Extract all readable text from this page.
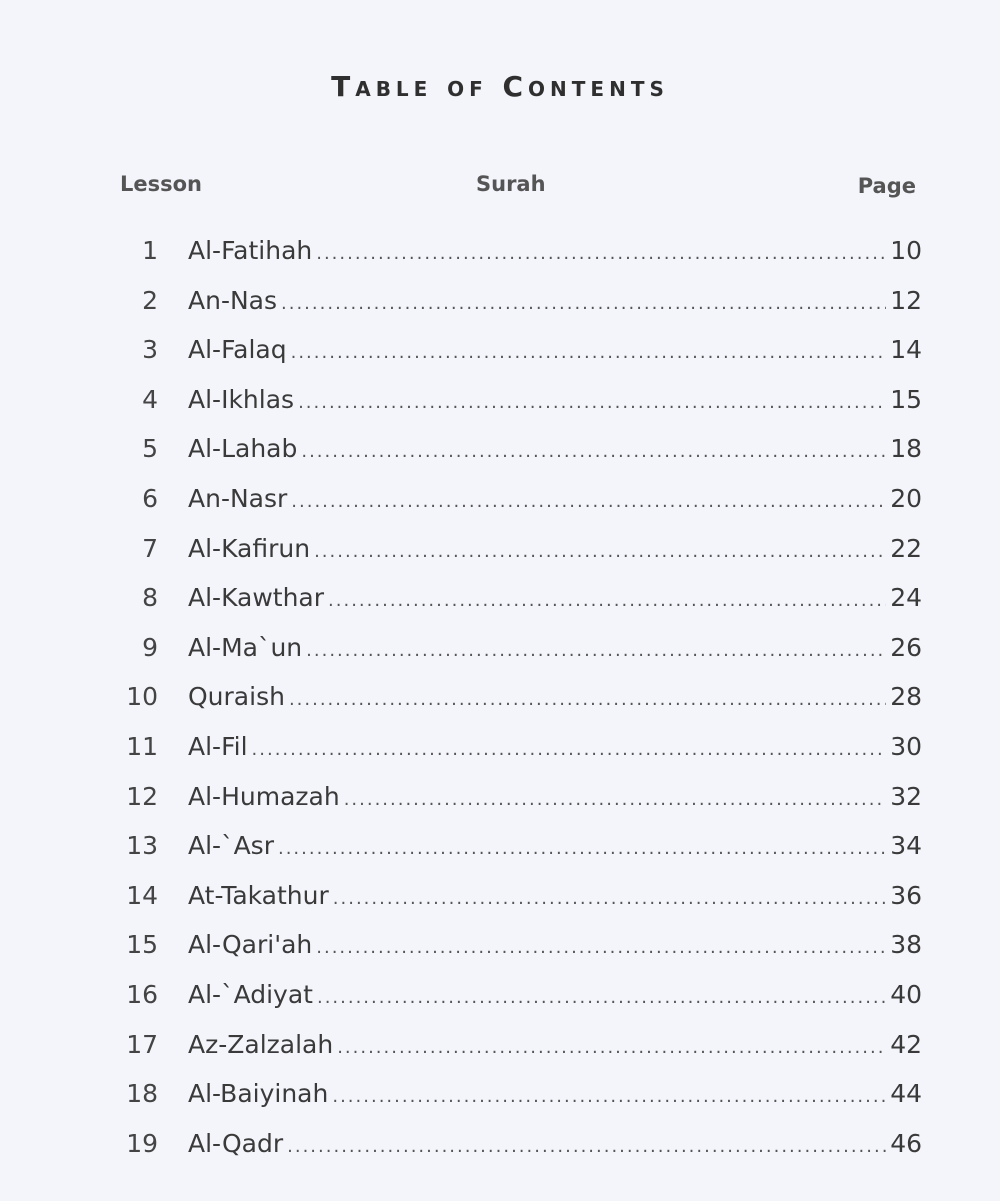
Table of Contents
Lesson	Surah	Page
1 Al-Fatihah .....	10
2 An-Nas .....	12
3 Al-Falaq .....	14
4 Al-Ikhlas .....	15
5 Al-Lahab .....	18
6 An-Nasr .....	20
7 Al-Kafirun .....	22
8 Al-Kawthar .....	24
9 Al-Ma`un .....	26
10 Quraish .....	28
11 Al-Fil .....	30
12 Al-Humazah .....	32
13 Al-`Asr .....	34
14 At-Takathur .....	36
15 Al-Qari'ah .....	38
16 Al-`Adiyat .....	40
17 Az-Zalzalah .....	42
18 Al-Baiyinah .....	44
19 Al-Qadr .....	46
